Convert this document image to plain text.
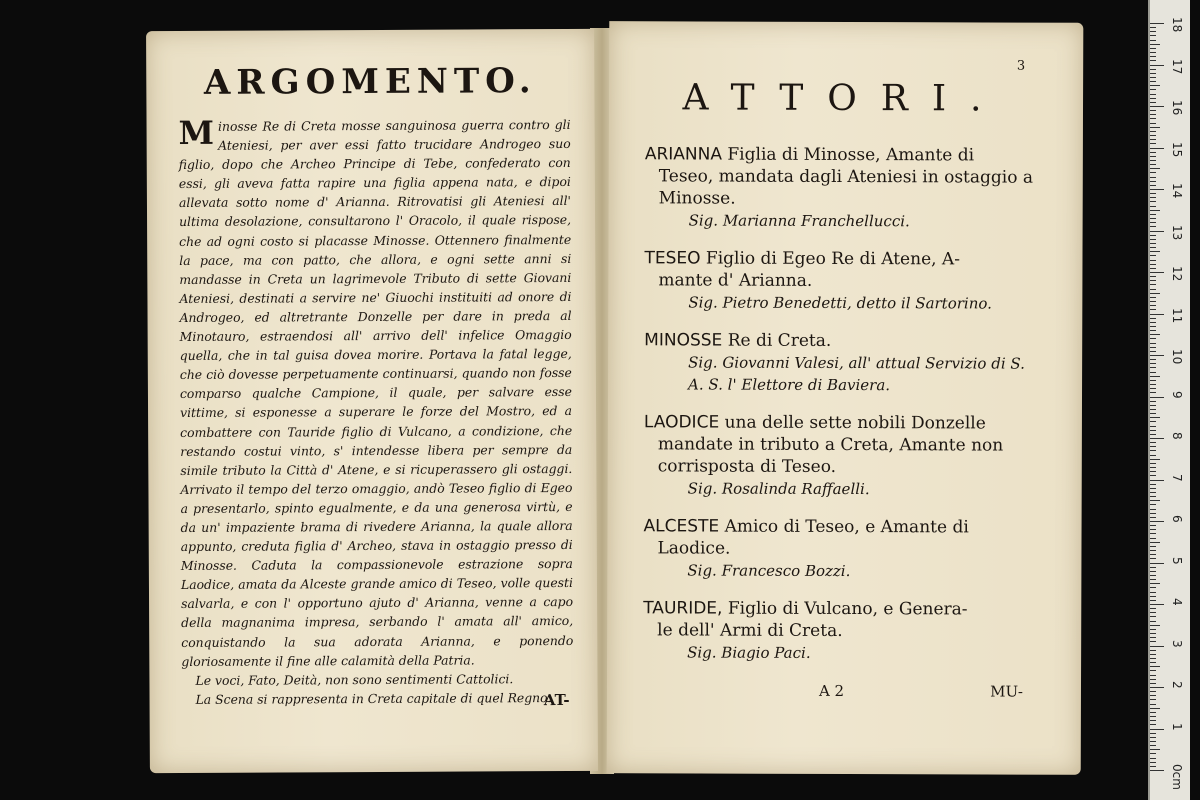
ARGOMENTO.

Minosse Re di Creta mosse sanguinosa guerra contro gli Ateniesi, per aver essi fatto trucidare Androgeo suo figlio, dopo che Archeo Principe di Tebe, confederato con essi, gli aveva fatta rapire una figlia appena nata, e dipoi allevata sotto nome d' Arianna. Ritrovatisi gli Ateniesi all' ultima desolazione, consultarono l' Oracolo, il quale rispose, che ad ogni costo si placasse Minosse. Ottennero finalmente la pace, ma con patto, che allora, e ogni sette anni si mandasse in Creta un lagrimevole Tributo di sette Giovani Ateniesi, destinati a servire ne' Giuochi instituiti ad onore di Androgeo, ed altretrante Donzelle per dare in preda al Minotauro, estraendosi all' arrivo dell' infelice Omaggio quella, che in tal guisa dovea morire. Portava la fatal legge, che ciò dovesse perpetuamente continuarsi, quando non fosse comparso qualche Campione, il quale, per salvare esse vittime, si esponesse a superare le forze del Mostro, ed a combattere con Tauride figlio di Vulcano, a condizione, che restando costui vinto, s' intendesse libera per sempre da simile tributo la Città d' Atene, e si ricuperassero gli ostaggi. Arrivato il tempo del terzo omaggio, andò Teseo figlio di Egeo a presentarlo, spinto egualmente, e da una generosa virtù, e da un' impaziente brama di rivedere Arianna, la quale allora appunto, creduta figlia d' Archeo, stava in ostaggio presso di Minosse. Caduta la compassionevole estrazione sopra Laodice, amata da Alceste grande amico di Teseo, volle questi salvarla, e con l' opportuno ajuto d' Arianna, venne a capo della magnanima impresa, serbando l' amata all' amico, conquistando la sua adorata Arianna, e ponendo gloriosamente il fine alle calamità della Patria.

Le voci, Fato, Deità, non sono sentimenti Cattolici.

La Scena si rappresenta in Creta capitale di quel Regno.

AT-
3
ATTORI.
ARIANNA Figlia di Minosse, Amante di
Teseo, mandata dagli Ateniesi in ostaggio a Minosse.
Sig. Marianna Franchellucci.
TESEO Figlio di Egeo Re di Atene, A-
mante d' Arianna.
Sig. Pietro Benedetti, detto il Sartorino.
MINOSSE Re di Creta.
Sig. Giovanni Valesi, all' attual Servizio di S. A. S. l' Elettore di Baviera.
LAODICE una delle sette nobili Donzelle
mandate in tributo a Creta, Amante non corrisposta di Teseo.
Sig. Rosalinda Raffaelli.
ALCESTE Amico di Teseo, e Amante di
Laodice.
Sig. Francesco Bozzi.
TAURIDE, Figlio di Vulcano, e Genera-
le dell' Armi di Creta.
Sig. Biagio Paci.
A 2	MU-
0cm
1
2
3
4
5
6
7
8
9
10
11
12
13
14
15
16
17
18
